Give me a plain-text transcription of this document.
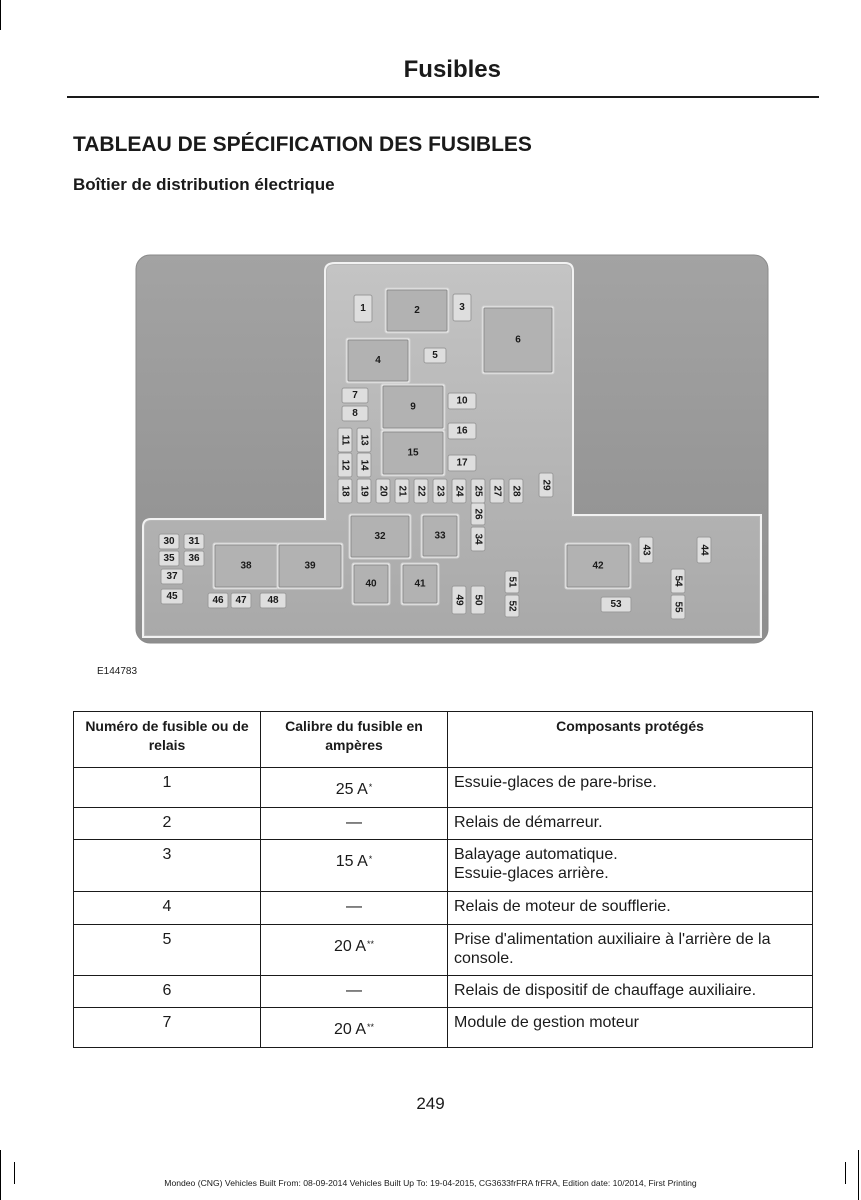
Fusibles
TABLEAU DE SPÉCIFICATION DES FUSIBLES
Boîtier de distribution électrique
2
4
6
9
15
32	33
38	39
40	41
42
1	3
5
7
8
10
16
17
30 31
35 36
37
45	46 47 48	53
11
12
13
14
18 19 20 21 22 23 24 25
26
27 28
29
34
43	44
49 50
51
52
54
55
E144783
Numéro de fusible ou de relais	Calibre du fusible en ampères	Composants protégés
1	25 A*	Essuie-glaces de pare-brise.
2	—	Relais de démarreur.
3	15 A*	Balayage automatique.
Essuie-glaces arrière.

4	—	Relais de moteur de soufflerie.
5	20 A**	Prise d'alimentation auxiliaire à l'arrière de la console.
6	—	Relais de dispositif de chauffage auxiliaire.
7	20 A**	Module de gestion moteur
249
Mondeo (CNG) Vehicles Built From: 08-09-2014 Vehicles Built Up To: 19-04-2015, CG3633frFRA frFRA, Edition date: 10/2014, First Printing
